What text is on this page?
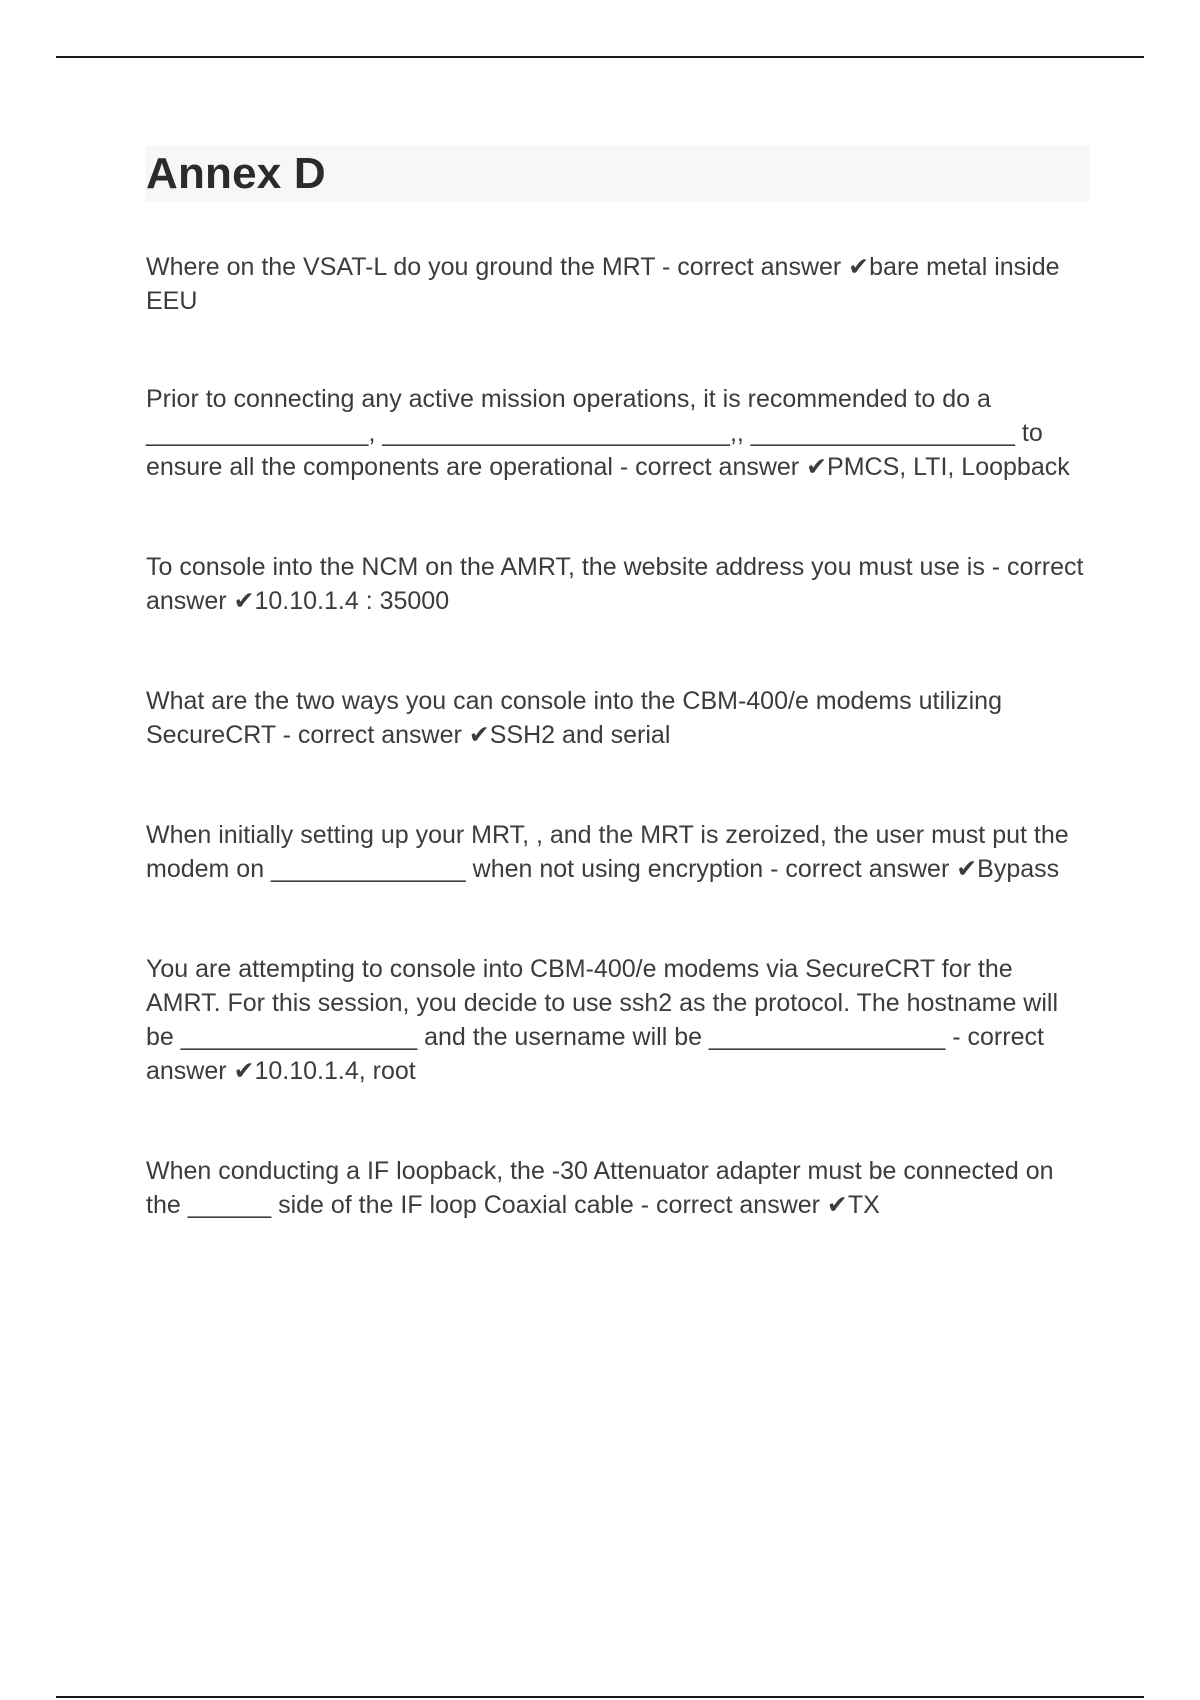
Annex D

Where on the VSAT-L do you ground the MRT - correct answer ✔bare metal inside EEU

Prior to connecting any active mission operations, it is recommended to do a ________________, _________________________,, ___________________ to ensure all the components are operational - correct answer ✔PMCS, LTI, Loopback

To console into the NCM on the AMRT, the website address you must use is - correct answer ✔10.10.1.4 : 35000

What are the two ways you can console into the CBM-400/e modems utilizing SecureCRT - correct answer ✔SSH2 and serial

When initially setting up your MRT, , and the MRT is zeroized, the user must put the modem on ______________ when not using encryption - correct answer ✔Bypass

You are attempting to console into CBM-400/e modems via SecureCRT for the AMRT. For this session, you decide to use ssh2 as the protocol. The hostname will be _________________ and the username will be _________________ - correct answer ✔10.10.1.4, root

When conducting a IF loopback, the -30 Attenuator adapter must be connected on the ______ side of the IF loop Coaxial cable - correct answer ✔TX
